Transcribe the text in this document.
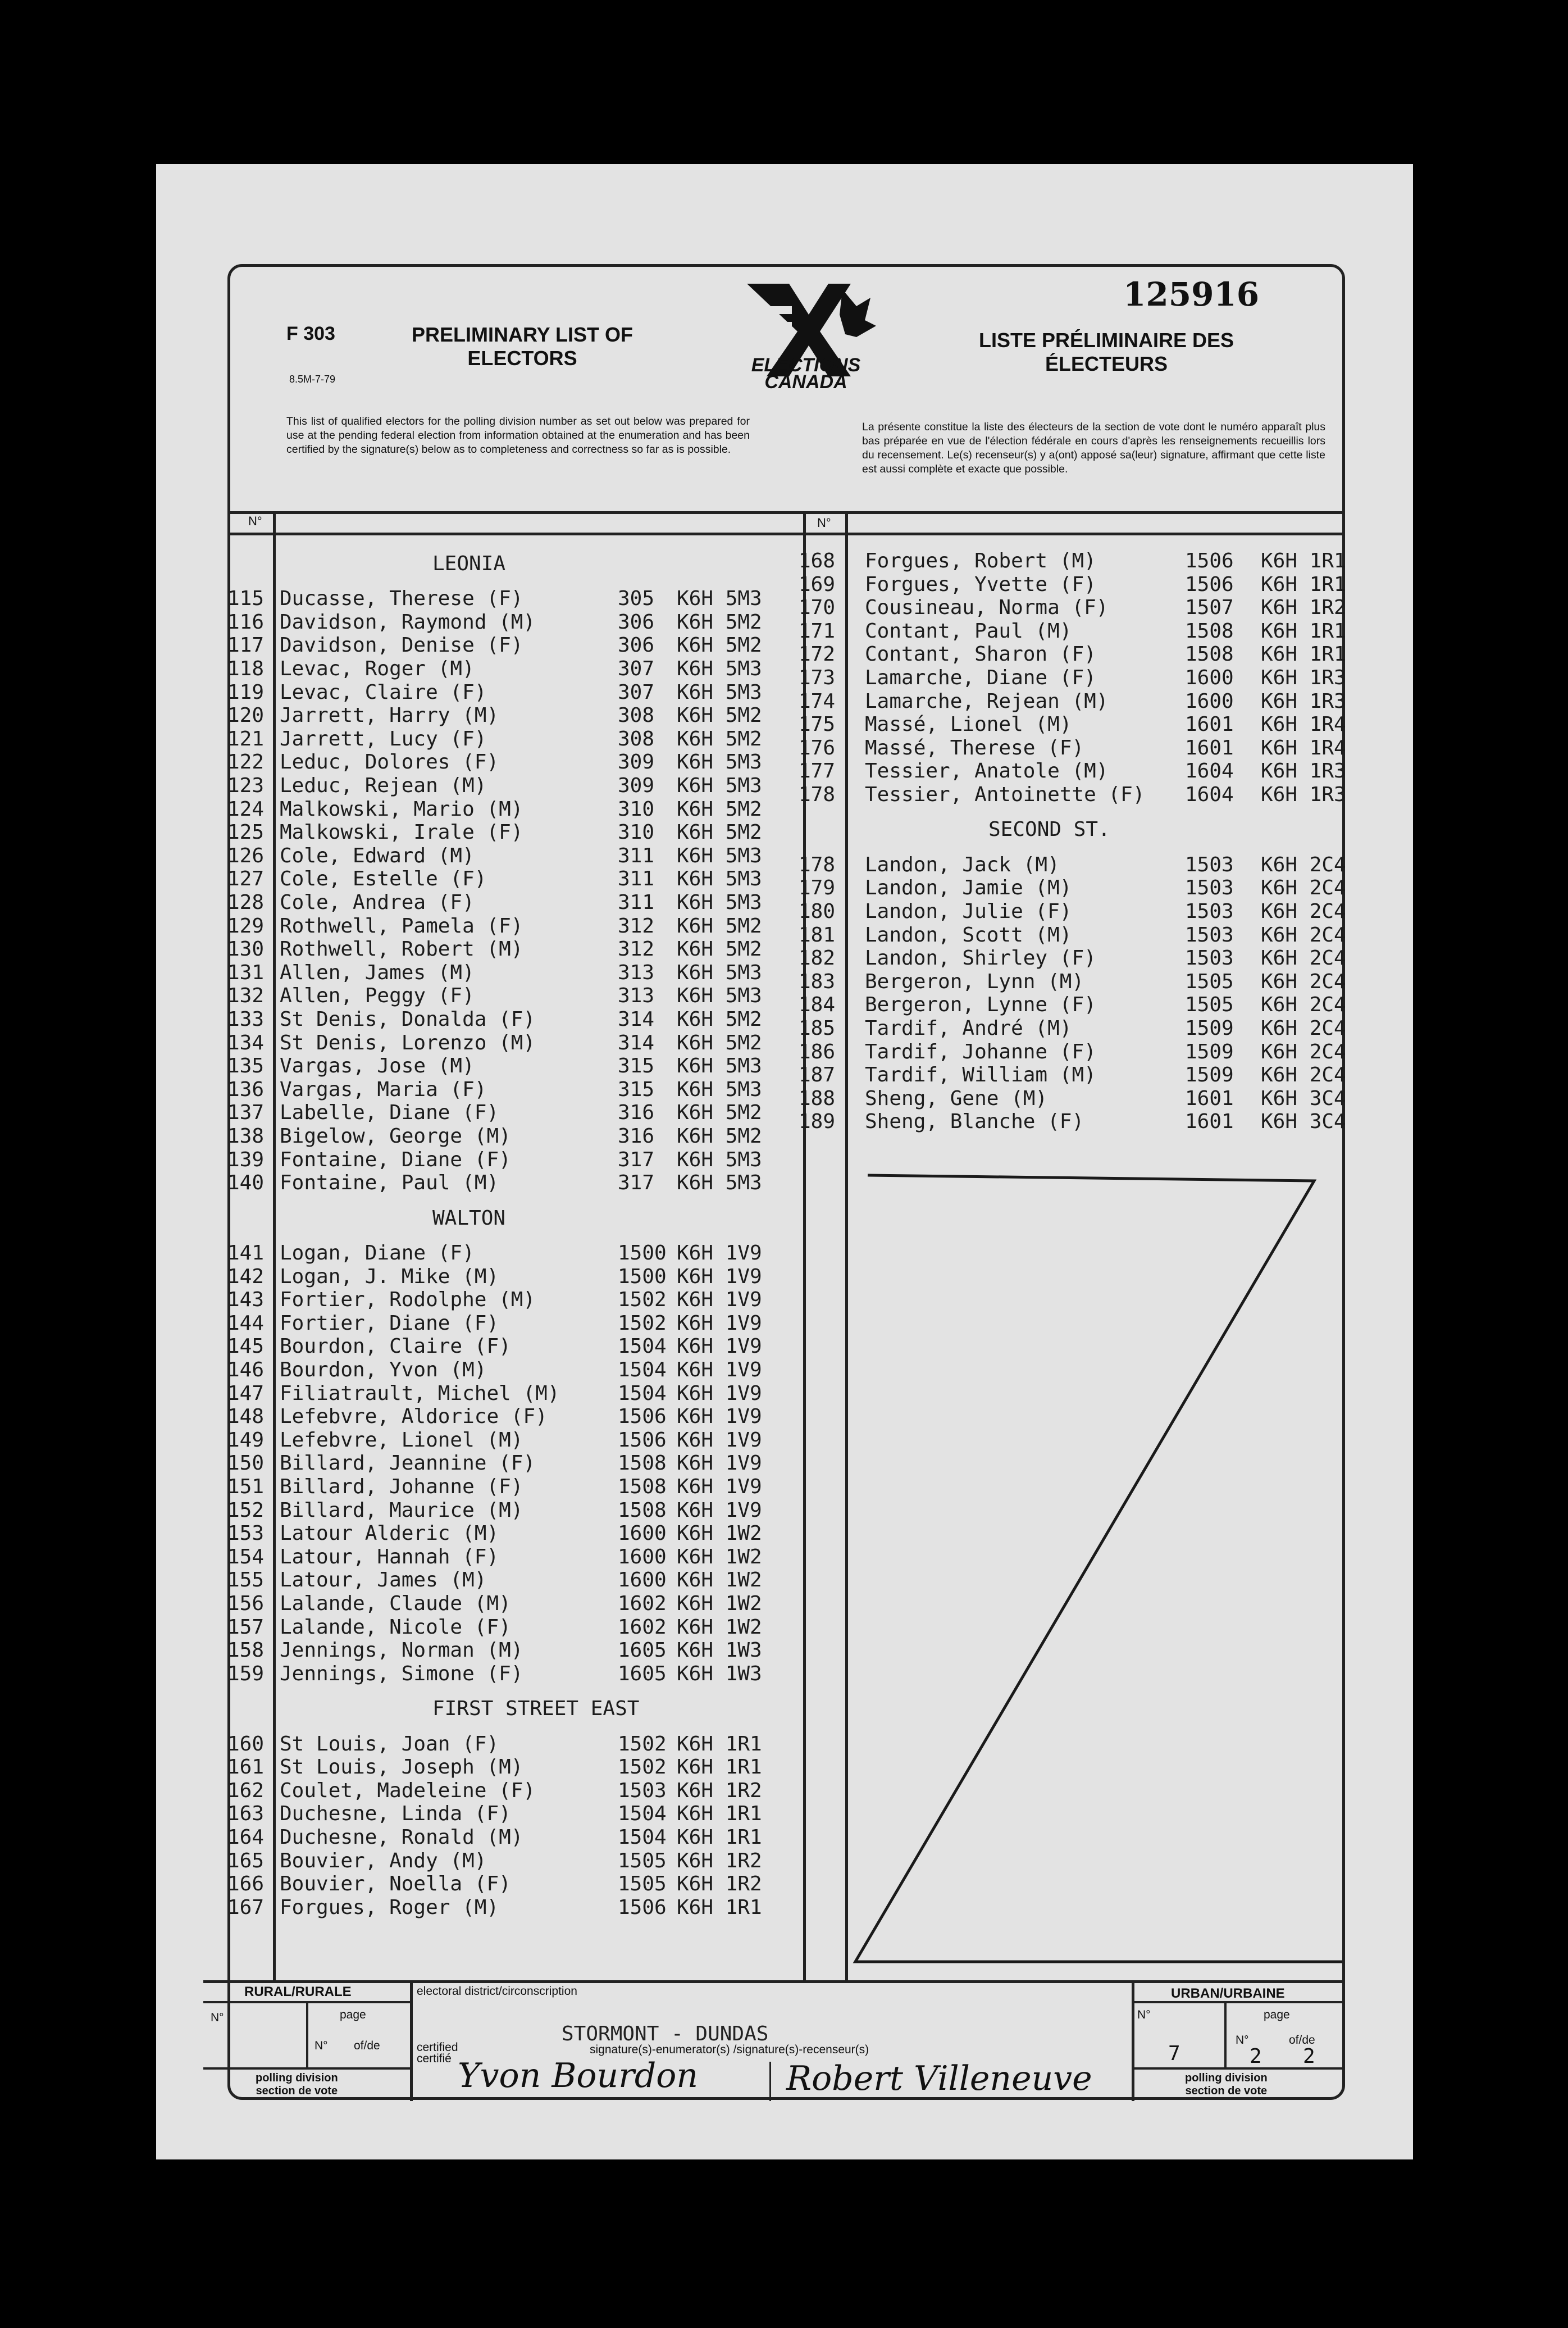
F 303
8.5M-7-79
PRELIMINARY LIST OF
ELECTORS
LISTE PRÉLIMINAIRE DES
ÉLECTEURS
ELECTIONS
CANADA
125916
This list of qualified electors for the polling division number as set out below was prepared for use at the pending federal election from information obtained at the enumeration and has been certified by the signature(s) below as to completeness and correctness so far as is possible.
La présente constitue la liste des électeurs de la section de vote dont le numéro apparaît plus bas préparée en vue de l'élection fédérale en cours d'après les renseignements recueillis lors du recensement. Le(s) recenseur(s) y a(ont) apposé sa(leur) signature, affirmant que cette liste est aussi complète et exacte que possible.
N°	N°
LEONIA
115 Ducasse, Therese (F)	305 K6H 5M3
116 Davidson, Raymond (M)	306 K6H 5M2
117 Davidson, Denise (F)	306 K6H 5M2
118 Levac, Roger (M)	307 K6H 5M3
119 Levac, Claire (F)	307 K6H 5M3
120 Jarrett, Harry (M)	308 K6H 5M2
121 Jarrett, Lucy (F)	308 K6H 5M2
122 Leduc, Dolores (F)	309 K6H 5M3
123 Leduc, Rejean (M)	309 K6H 5M3
124 Malkowski, Mario (M)	310 K6H 5M2
125 Malkowski, Irale (F)	310 K6H 5M2
126 Cole, Edward (M)	311 K6H 5M3
127 Cole, Estelle (F)	311 K6H 5M3
128 Cole, Andrea (F)	311 K6H 5M3
129 Rothwell, Pamela (F)	312 K6H 5M2
130 Rothwell, Robert (M)	312 K6H 5M2
131 Allen, James (M)	313 K6H 5M3
132 Allen, Peggy (F)	313 K6H 5M3
133 St Denis, Donalda (F)	314 K6H 5M2
134 St Denis, Lorenzo (M)	314 K6H 5M2
135 Vargas, Jose (M)	315 K6H 5M3
136 Vargas, Maria (F)	315 K6H 5M3
137 Labelle, Diane (F)	316 K6H 5M2
138 Bigelow, George (M)	316 K6H 5M2
139 Fontaine, Diane (F)	317 K6H 5M3
140 Fontaine, Paul (M)	317 K6H 5M3
WALTON
141 Logan, Diane (F)	1500 K6H 1V9
142 Logan, J. Mike (M)	1500 K6H 1V9
143 Fortier, Rodolphe (M)	1502 K6H 1V9
144 Fortier, Diane (F)	1502 K6H 1V9
145 Bourdon, Claire (F)	1504 K6H 1V9
146 Bourdon, Yvon (M)	1504 K6H 1V9
147 Filiatrault, Michel (M)	1504 K6H 1V9
148 Lefebvre, Aldorice (F)	1506 K6H 1V9
149 Lefebvre, Lionel (M)	1506 K6H 1V9
150 Billard, Jeannine (F)	1508 K6H 1V9
151 Billard, Johanne (F)	1508 K6H 1V9
152 Billard, Maurice (M)	1508 K6H 1V9
153 Latour Alderic (M)	1600 K6H 1W2
154 Latour, Hannah (F)	1600 K6H 1W2
155 Latour, James (M)	1600 K6H 1W2
156 Lalande, Claude (M)	1602 K6H 1W2
157 Lalande, Nicole (F)	1602 K6H 1W2
158 Jennings, Norman (M)	1605 K6H 1W3
159 Jennings, Simone (F)	1605 K6H 1W3
FIRST STREET EAST
160 St Louis, Joan (F)	1502 K6H 1R1
161 St Louis, Joseph (M)	1502 K6H 1R1
162 Coulet, Madeleine (F)	1503 K6H 1R2
163 Duchesne, Linda (F)	1504 K6H 1R1
164 Duchesne, Ronald (M)	1504 K6H 1R1
165 Bouvier, Andy (M)	1505 K6H 1R2
166 Bouvier, Noella (F)	1505 K6H 1R2
167 Forgues, Roger (M)	1506 K6H 1R1
168 Forgues, Robert (M)	1506 K6H 1R1
169 Forgues, Yvette (F)	1506 K6H 1R1
170 Cousineau, Norma (F)	1507 K6H 1R2
171 Contant, Paul (M)	1508 K6H 1R1
172 Contant, Sharon (F)	1508 K6H 1R1
173 Lamarche, Diane (F)	1600 K6H 1R3
174 Lamarche, Rejean (M)	1600 K6H 1R3
175 Massé, Lionel (M)	1601 K6H 1R4
176 Massé, Therese (F)	1601 K6H 1R4
177 Tessier, Anatole (M)	1604 K6H 1R3
178 Tessier, Antoinette (F) 1604 K6H 1R3
SECOND ST.
178 Landon, Jack (M)	1503 K6H 2C4
179 Landon, Jamie (M)	1503 K6H 2C4
180 Landon, Julie (F)	1503 K6H 2C4
181 Landon, Scott (M)	1503 K6H 2C4
182 Landon, Shirley (F)	1503 K6H 2C4
183 Bergeron, Lynn (M)	1505 K6H 2C4
184 Bergeron, Lynne (F)	1505 K6H 2C4
185 Tardif, André (M)	1509 K6H 2C4
186 Tardif, Johanne (F)	1509 K6H 2C4
187 Tardif, William (M)	1509 K6H 2C4
188 Sheng, Gene (M)	1601 K6H 3C4
189 Sheng, Blanche (F)	1601 K6H 3C4
RURAL/RURALE
N°	page
N° of/de
polling division
section de vote
electoral district/circonscription
STORMONT - DUNDAS
certified
certifié
signature(s)-enumerator(s) /signature(s)-recenseur(s)
Yvon Bourdon	Robert Villeneuve
URBAN/URBAINE
N°	page
N°	of/de
7	2 2
polling division
section de vote
